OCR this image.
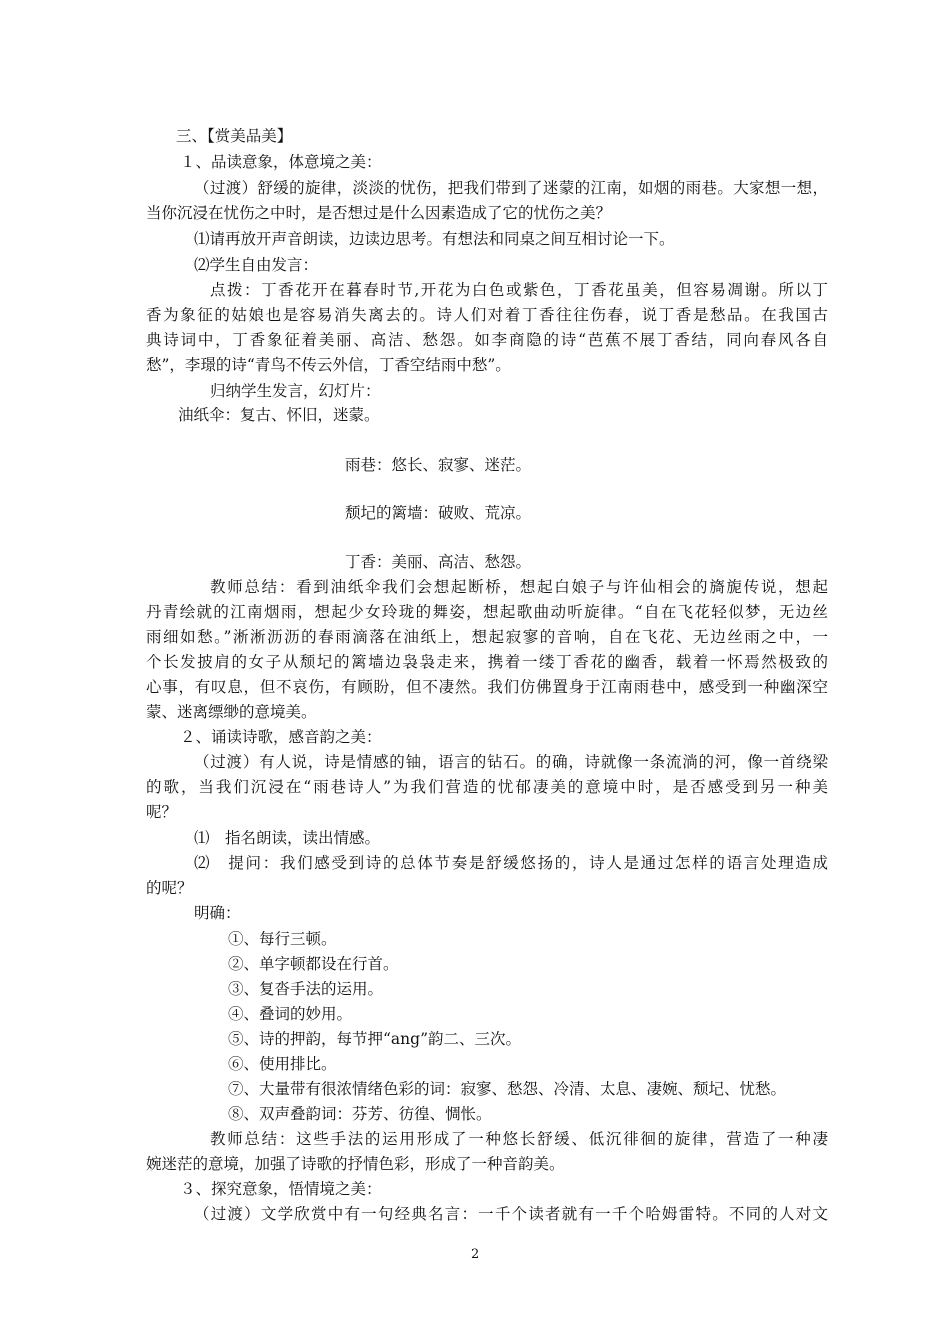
三、【赏美品美】
１、品读意象，体意境之美：
（过渡）舒缓的旋律，淡淡的忧伤，把我们带到了迷蒙的江南，如烟的雨巷。大家想一想，
当你沉浸在忧伤之中时，是否想过是什么因素造成了它的忧伤之美？
⑴请再放开声音朗读，边读边思考。有想法和同桌之间互相讨论一下。
⑵学生自由发言：
点拨：丁香花开在暮春时节,开花为白色或紫色，丁香花虽美，但容易凋谢。所以丁
香为象征的姑娘也是容易消失离去的。诗人们对着丁香往往伤春，说丁香是愁品。在我国古
典诗词中，丁香象征着美丽、高洁、愁怨。如李商隐的诗“芭蕉不展丁香结，同向春风各自
愁”，李璟的诗“青鸟不传云外信，丁香空结雨中愁”。
归纳学生发言，幻灯片：
油纸伞：复古、怀旧，迷蒙。
雨巷：悠长、寂寥、迷茫。
颓圮的篱墙：破败、荒凉。
丁香：美丽、高洁、愁怨。
教师总结：看到油纸伞我们会想起断桥，想起白娘子与许仙相会的旖旎传说，想起
丹青绘就的江南烟雨，想起少女玲珑的舞姿，想起歌曲动听旋律。“自在飞花轻似梦，无边丝
雨细如愁。”淅淅沥沥的春雨滴落在油纸上，想起寂寥的音响，自在飞花、无边丝雨之中，一
个长发披肩的女子从颓圮的篱墙边袅袅走来，携着一缕丁香花的幽香，载着一怀焉然极致的
心事，有叹息，但不哀伤，有顾盼，但不凄然。我们仿佛置身于江南雨巷中，感受到一种幽深空
蒙、迷离缥缈的意境美。
２、诵读诗歌，感音韵之美：
（过渡）有人说，诗是情感的铀，语言的钻石。的确，诗就像一条流淌的河，像一首绕梁
的歌，当我们沉浸在“雨巷诗人”为我们营造的忧郁凄美的意境中时，是否感受到另一种美
呢？
⑴　指名朗读，读出情感。
⑵　提问：我们感受到诗的总体节奏是舒缓悠扬的，诗人是通过怎样的语言处理造成
的呢？
明确：
①、每行三顿。
②、单字顿都设在行首。
③、复沓手法的运用。
④、叠词的妙用。
⑤、诗的押韵，每节押“ang”韵二、三次。
⑥、使用排比。
⑦、大量带有很浓情绪色彩的词：寂寥、愁怨、冷清、太息、凄婉、颓圮、忧愁。
⑧、双声叠韵词：芬芳、彷徨、惆怅。
教师总结：这些手法的运用形成了一种悠长舒缓、低沉徘徊的旋律，营造了一种凄
婉迷茫的意境，加强了诗歌的抒情色彩，形成了一种音韵美。
３、探究意象，悟情境之美：
（过渡）文学欣赏中有一句经典名言：一千个读者就有一千个哈姆雷特。不同的人对文
2
